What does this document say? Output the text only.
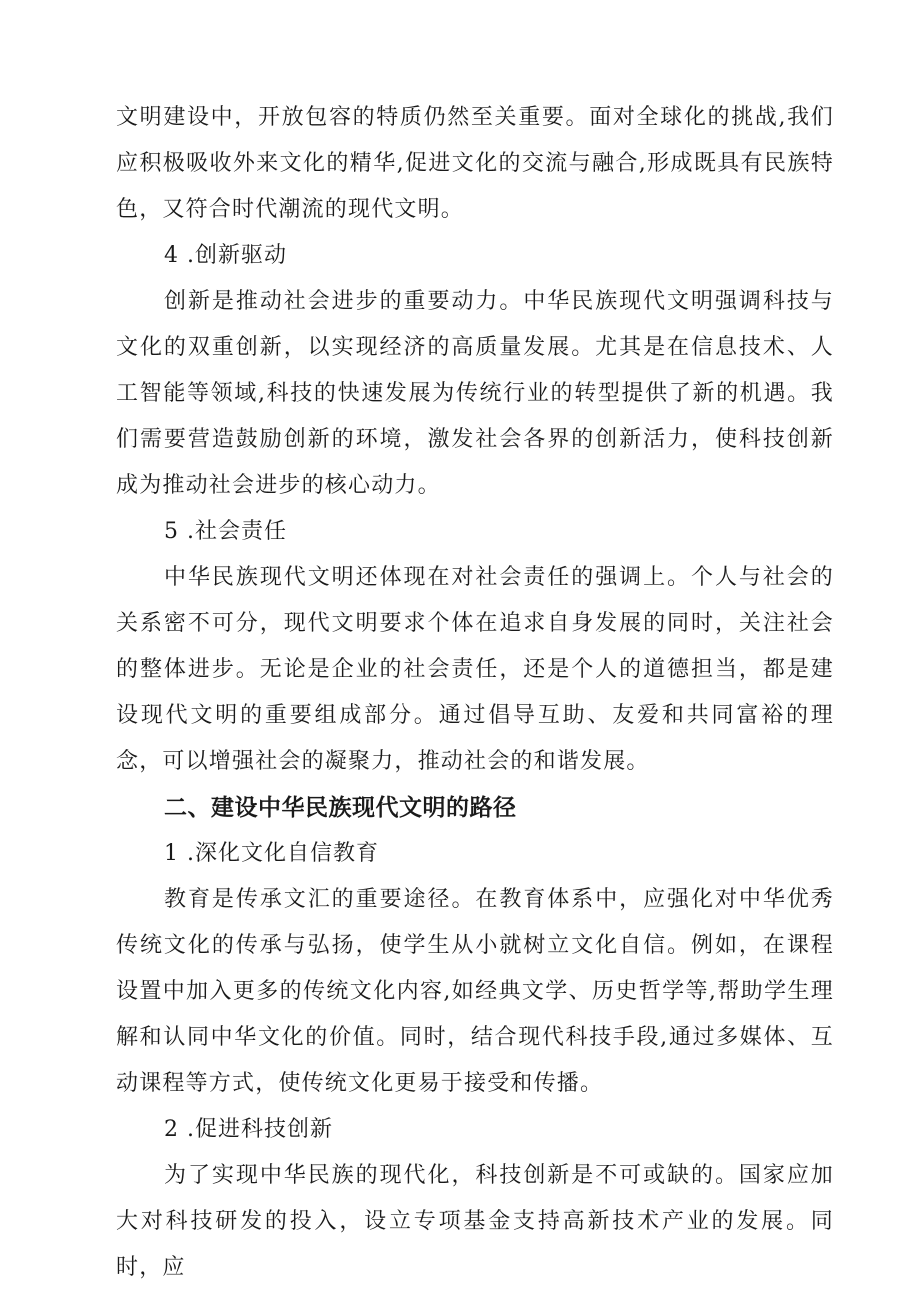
文明建设中，开放包容的特质仍然至关重要。面对全球化的挑战,我们应积极吸收外来文化的精华,促进文化的交流与融合,形成既具有民族特色，又符合时代潮流的现代文明。

4 .创新驱动

创新是推动社会进步的重要动力。中华民族现代文明强调科技与文化的双重创新，以实现经济的高质量发展。尤其是在信息技术、人工智能等领域,科技的快速发展为传统行业的转型提供了新的机遇。我们需要营造鼓励创新的环境，激发社会各界的创新活力，使科技创新成为推动社会进步的核心动力。

5 .社会责任

中华民族现代文明还体现在对社会责任的强调上。个人与社会的关系密不可分，现代文明要求个体在追求自身发展的同时，关注社会的整体进步。无论是企业的社会责任，还是个人的道德担当，都是建设现代文明的重要组成部分。通过倡导互助、友爱和共同富裕的理念，可以增强社会的凝聚力，推动社会的和谐发展。

二、建设中华民族现代文明的路径

1 .深化文化自信教育

教育是传承文汇的重要途径。在教育体系中，应强化对中华优秀传统文化的传承与弘扬，使学生从小就树立文化自信。例如，在课程设置中加入更多的传统文化内容,如经典文学、历史哲学等,帮助学生理解和认同中华文化的价值。同时，结合现代科技手段,通过多媒体、互动课程等方式，使传统文化更易于接受和传播。

2 .促进科技创新

为了实现中华民族的现代化，科技创新是不可或缺的。国家应加大对科技研发的投入，设立专项基金支持高新技术产业的发展。同时，应
